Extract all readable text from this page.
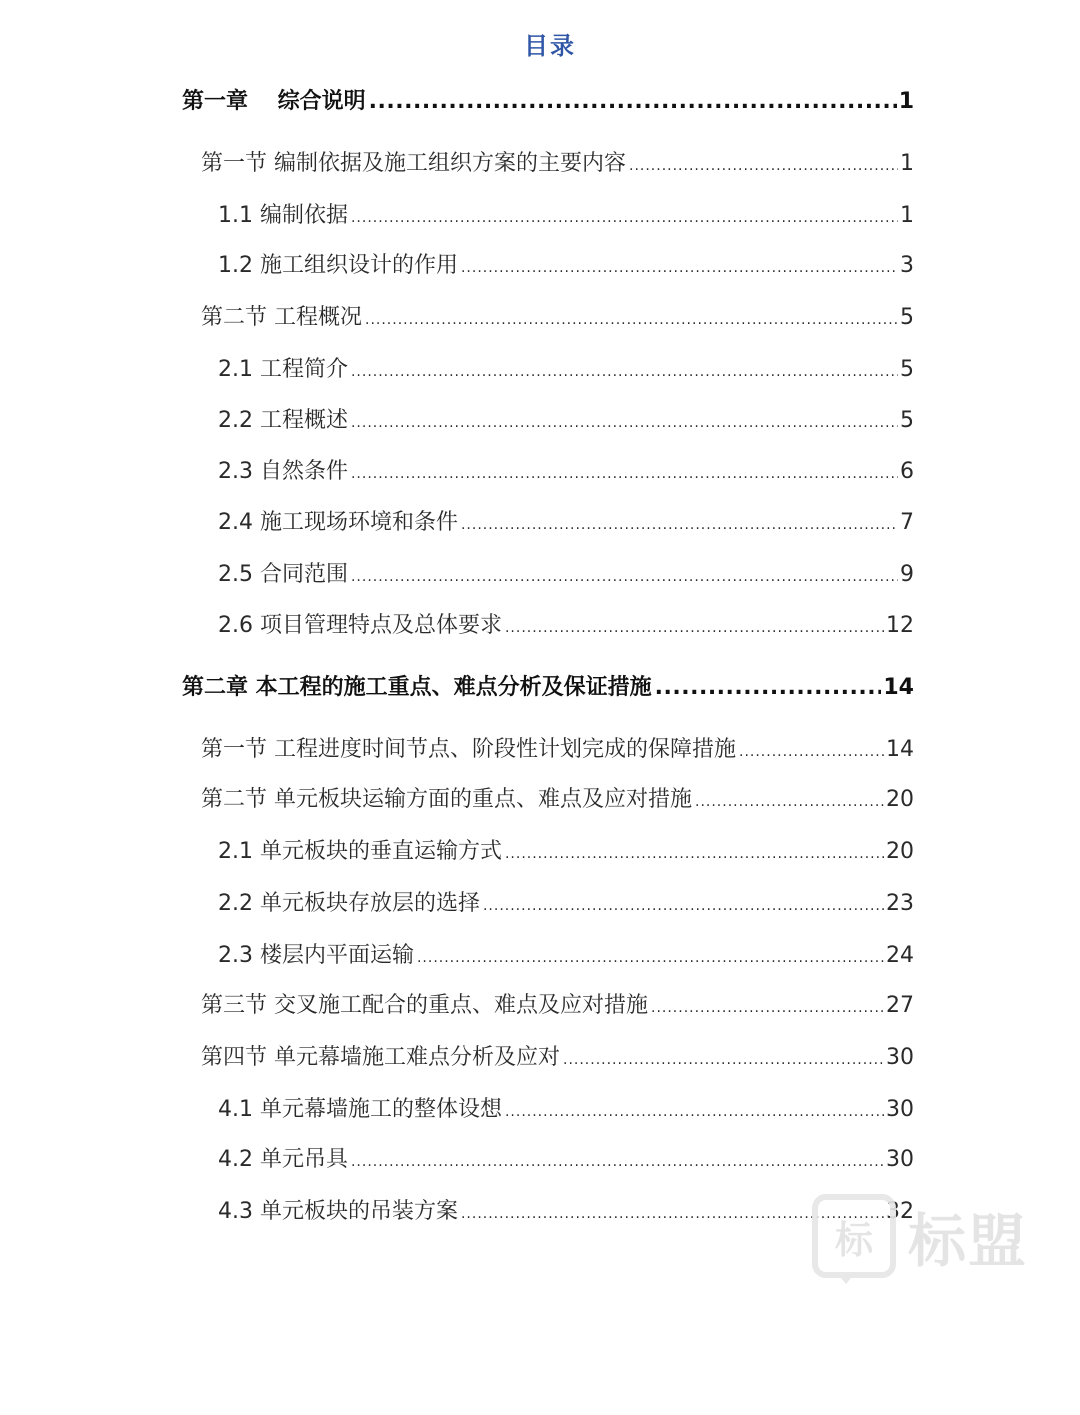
目录
第一章　 综合说明 .....	1
第一节 编制依据及施工组织方案的主要内容 .....	1
1.1 编制依据 .....	1
1.2 施工组织设计的作用 .....	3
第二节 工程概况 .....	5
2.1 工程简介 .....	5
2.2 工程概述 .....	5
2.3 自然条件 .....	6
2.4 施工现场环境和条件 .....	7
2.5 合同范围 .....	9
2.6 项目管理特点及总体要求 .....	12
第二章 本工程的施工重点、难点分析及保证措施 .....	14
第一节 工程进度时间节点、阶段性计划完成的保障措施 .....	14
第二节 单元板块运输方面的重点、难点及应对措施 .....	20
2.1 单元板块的垂直运输方式 .....	20
2.2 单元板块存放层的选择 .....	23
2.3 楼层内平面运输 .....	24
第三节 交叉施工配合的重点、难点及应对措施 .....	27
第四节 单元幕墙施工难点分析及应对 .....	30
4.1 单元幕墙施工的整体设想 .....	30
4.2 单元吊具 .....	30
4.3 单元板块的吊装方案 .....	32
标 标盟
